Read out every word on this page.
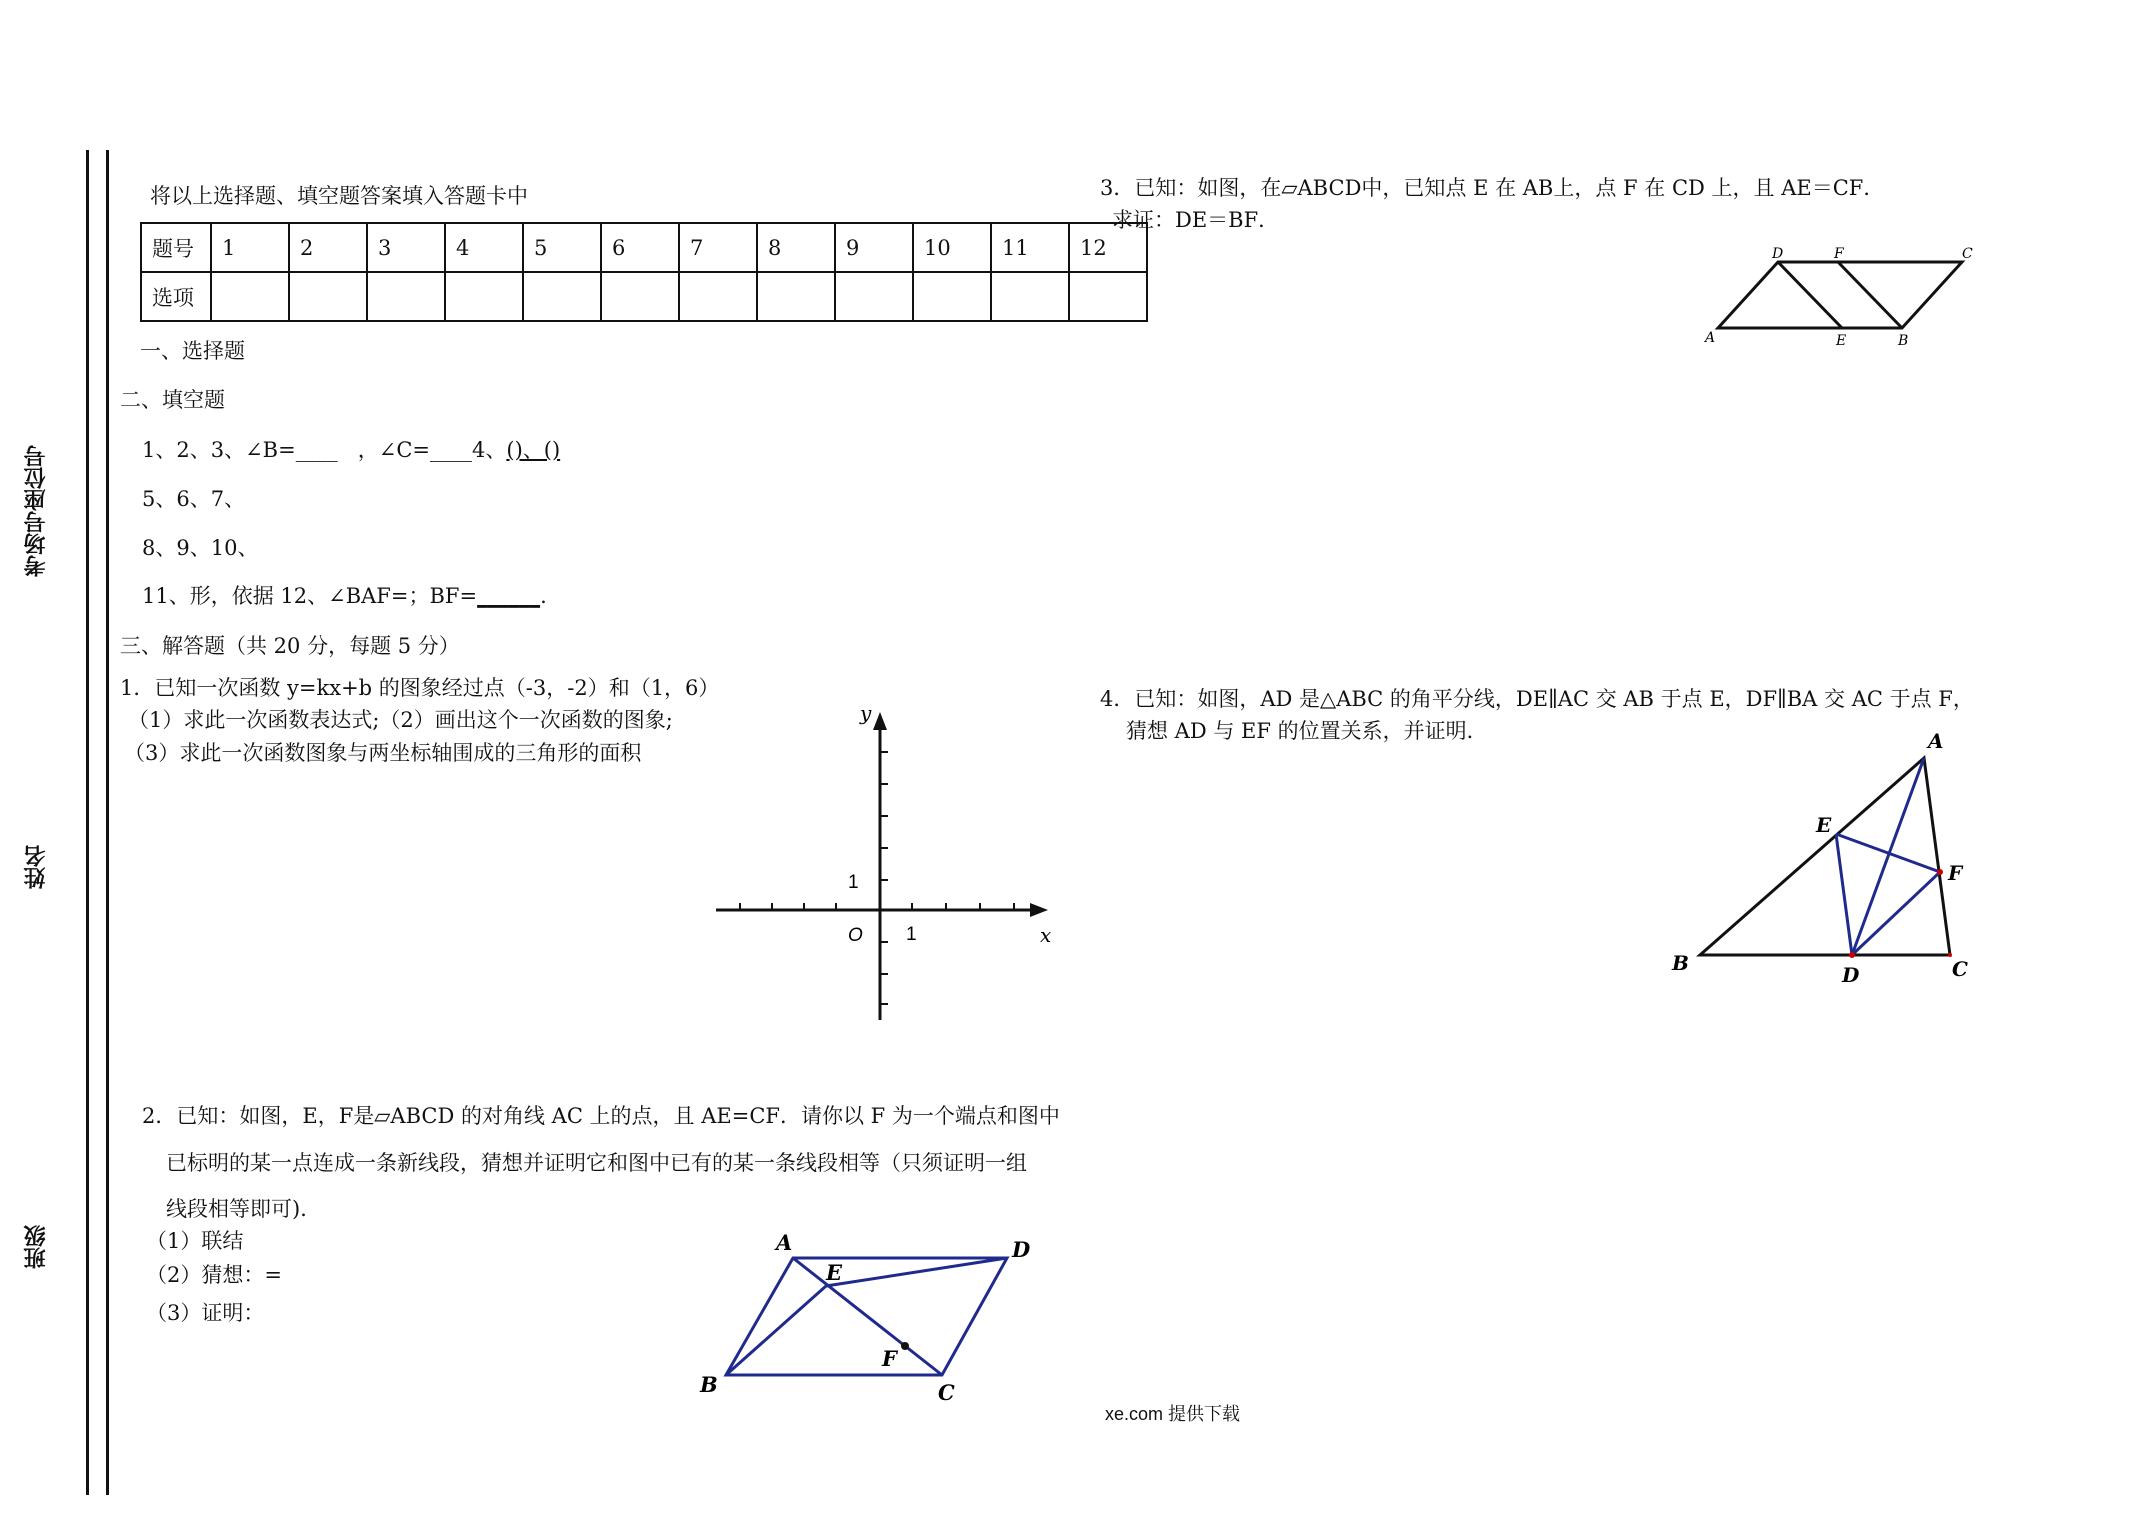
考场号座位号
姓名
班级
将以上选择题、填空题答案填入答题卡中
题号	1	2	3	4	5	6	7	8	9	10	11	12
选项												
一、选择题
二、填空题
1、2、3、∠B=____ ，∠C=____4、()、()
5、6、7、
8、9、10、
11、形，依据 12、∠BAF=；BF=______.
三、解答题（共 20 分，每题 5 分）
1．已知一次函数 y=kx+b 的图象经过点（-3，-2）和（1，6）
（1）求此一次函数表达式;（2）画出这个一次函数的图象;
（3）求此一次函数图象与两坐标轴围成的三角形的面积
y
x
O 1
1
2．已知：如图，E，F是▱ABCD 的对角线 AC 上的点，且 AE=CF．请你以 F 为一个端点和图中
已标明的某一点连成一条新线段，猜想并证明它和图中已有的某一条线段相等（只须证明一组
线段相等即可)．
（1）联结
（2）猜想：=
（3）证明：
A	D
E
F
B	C
3．已知：如图，在▱ABCD中，已知点 E 在 AB上，点 F 在 CD 上，且 AE＝CF．
求证：DE＝BF．
D	F	C
A	E	B
4．已知：如图，AD 是△ABC 的角平分线，DE∥AC 交 AB 于点 E，DF∥BA 交 AC 于点 F，
猜想 AD 与 EF 的位置关系，并证明．	A
E
F
B	D	C
xe.com 提供下载
